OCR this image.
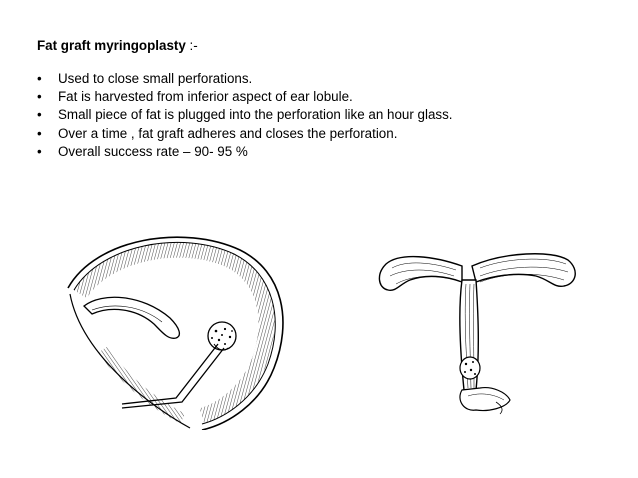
Fat graft myringoplasty :-
• Used to close small perforations.
• Fat is harvested from inferior aspect of ear lobule.
• Small piece of fat is plugged into the perforation like an hour glass.
• Over a time , fat graft adheres and closes the perforation.
• Overall success rate – 90- 95 %
